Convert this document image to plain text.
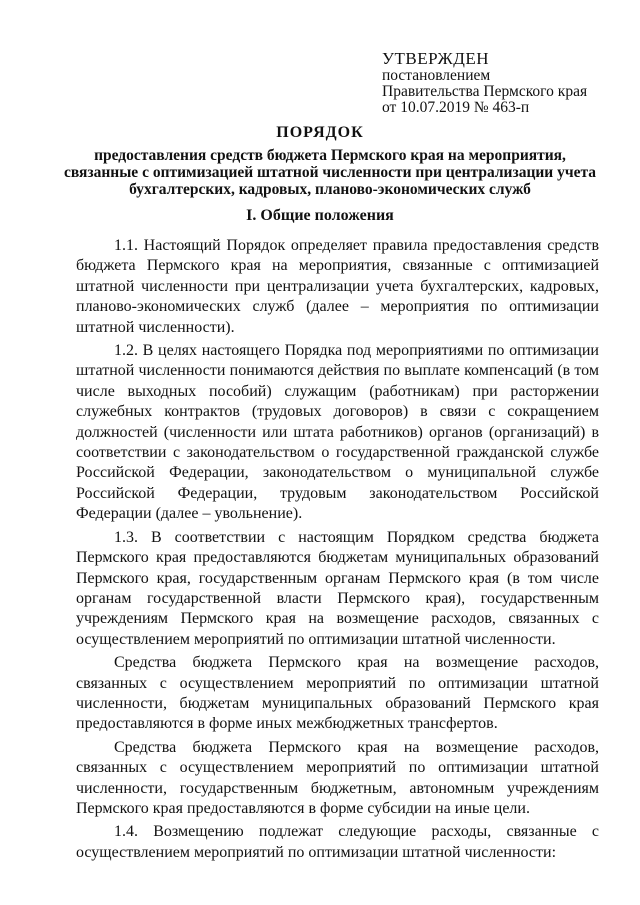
УТВЕРЖДЕН
постановлением
Правительства Пермского края
от 10.07.2019 № 463-п
ПОРЯДОК
предоставления средств бюджета Пермского края на мероприятия, связанные с оптимизацией штатной численности при централизации учета бухгалтерских, кадровых, планово-экономических служб
I. Общие положения

1.1. Настоящий Порядок определяет правила предоставления средств бюджета Пермского края на мероприятия, связанные с оптимизацией штатной численности при централизации учета бухгалтерских, кадровых, планово-экономических служб (далее – мероприятия по оптимизации штатной численности).

1.2. В целях настоящего Порядка под мероприятиями по оптимизации штатной численности понимаются действия по выплате компенсаций (в том числе выходных пособий) служащим (работникам) при расторжении служебных контрактов (трудовых договоров) в связи с сокращением должностей (численности или штата работников) органов (организаций) в соответствии с законодательством о государственной гражданской службе Российской Федерации, законодательством о муниципальной службе Российской Федерации, трудовым законодательством Российской Федерации (далее – увольнение).

1.3. В соответствии с настоящим Порядком средства бюджета Пермского края предоставляются бюджетам муниципальных образований Пермского края, государственным органам Пермского края (в том числе органам государственной власти Пермского края), государственным учреждениям Пермского края на возмещение расходов, связанных с осуществлением мероприятий по оптимизации штатной численности.

Средства бюджета Пермского края на возмещение расходов, связанных с осуществлением мероприятий по оптимизации штатной численности, бюджетам муниципальных образований Пермского края предоставляются в форме иных межбюджетных трансфертов.

Средства бюджета Пермского края на возмещение расходов, связанных с осуществлением мероприятий по оптимизации штатной численности, государственным бюджетным, автономным учреждениям Пермского края предоставляются в форме субсидии на иные цели.

1.4. Возмещению подлежат следующие расходы, связанные с осуществлением мероприятий по оптимизации штатной численности:
